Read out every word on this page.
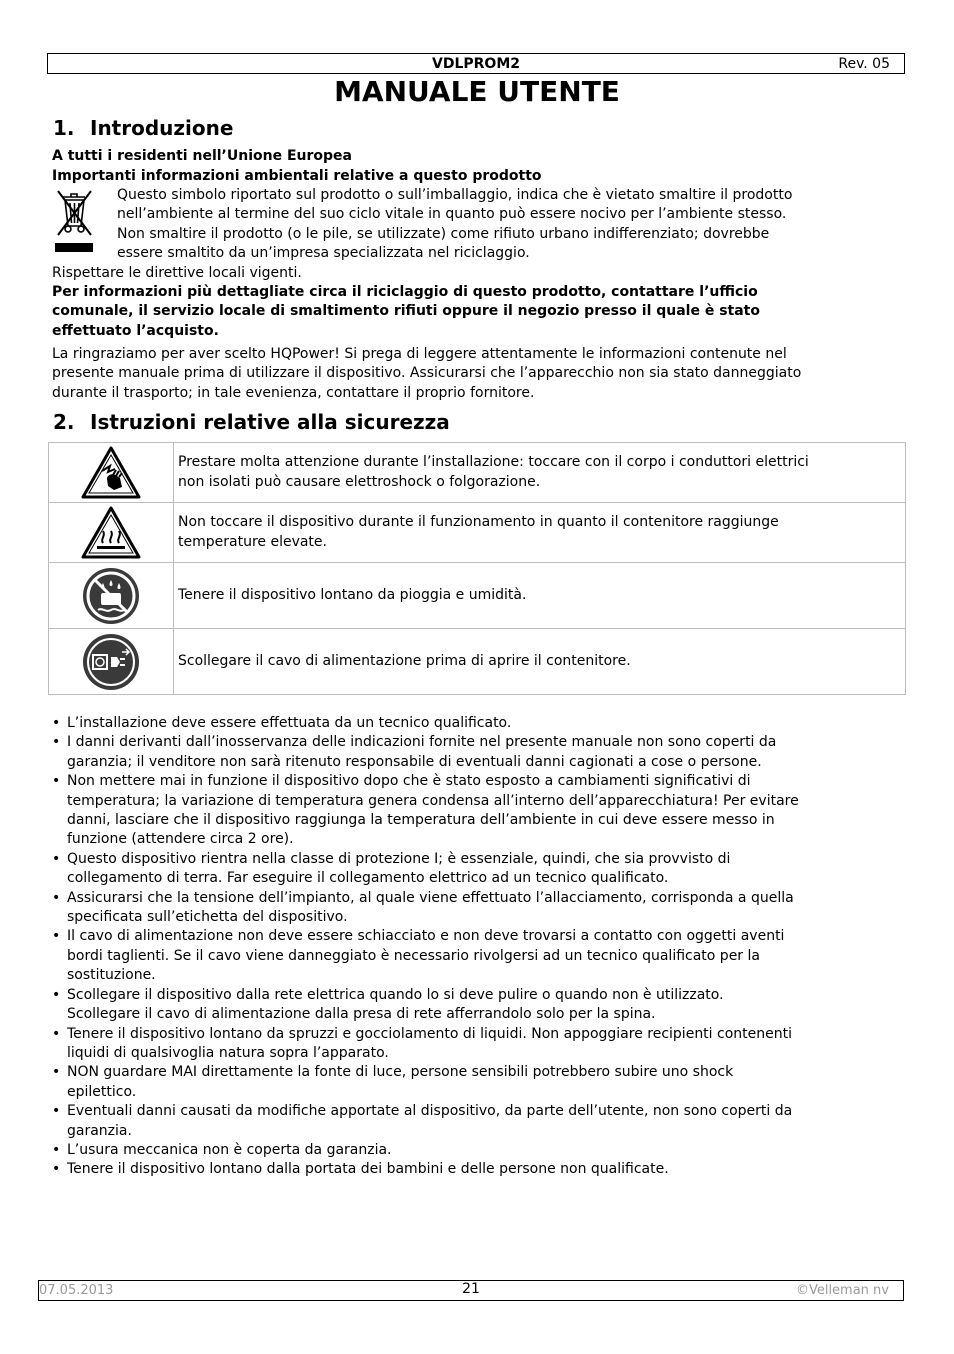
VDLPROM2	Rev. 05
MANUALE UTENTE
1. Introduzione

A tutti i residenti nell’Unione Europea

Importanti informazioni ambientali relative a questo prodotto

Questo simbolo riportato sul prodotto o sull’imballaggio, indica che è vietato smaltire il prodotto
nell’ambiente al termine del suo ciclo vitale in quanto può essere nocivo per l’ambiente stesso.
Non smaltire il prodotto (o le pile, se utilizzate) come rifiuto urbano indifferenziato; dovrebbe
essere smaltito da un’impresa specializzata nel riciclaggio.

Rispettare le direttive locali vigenti.

Per informazioni più dettagliate circa il riciclaggio di questo prodotto, contattare l’ufficio
comunale, il servizio locale di smaltimento rifiuti oppure il negozio presso il quale è stato
effettuato l’acquisto.
La ringraziamo per aver scelto HQPower! Si prega di leggere attentamente le informazioni contenute nel
presente manuale prima di utilizzare il dispositivo. Assicurarsi che l’apparecchio non sia stato danneggiato
durante il trasporto; in tale evenienza, contattare il proprio fornitore.
2. Istruzioni relative alla sicurezza

Prestare molta attenzione durante l’installazione: toccare con il corpo i conduttori elettrici
non isolati può causare elettroshock o folgorazione.

Non toccare il dispositivo durante il funzionamento in quanto il contenitore raggiunge
temperature elevate.

Tenere il dispositivo lontano da pioggia e umidità.

Scollegare il cavo di alimentazione prima di aprire il contenitore.
• L’installazione deve essere effettuata da un tecnico qualificato.
• I danni derivanti dall’inosservanza delle indicazioni fornite nel presente manuale non sono coperti da
garanzia; il venditore non sarà ritenuto responsabile di eventuali danni cagionati a cose o persone.
• Non mettere mai in funzione il dispositivo dopo che è stato esposto a cambiamenti significativi di
temperatura; la variazione di temperatura genera condensa all’interno dell’apparecchiatura! Per evitare
danni, lasciare che il dispositivo raggiunga la temperatura dell’ambiente in cui deve essere messo in
funzione (attendere circa 2 ore).
• Questo dispositivo rientra nella classe di protezione I; è essenziale, quindi, che sia provvisto di
collegamento di terra. Far eseguire il collegamento elettrico ad un tecnico qualificato.
• Assicurarsi che la tensione dell’impianto, al quale viene effettuato l’allacciamento, corrisponda a quella
specificata sull’etichetta del dispositivo.
• Il cavo di alimentazione non deve essere schiacciato e non deve trovarsi a contatto con oggetti aventi
bordi taglienti. Se il cavo viene danneggiato è necessario rivolgersi ad un tecnico qualificato per la
sostituzione.
• Scollegare il dispositivo dalla rete elettrica quando lo si deve pulire o quando non è utilizzato.
Scollegare il cavo di alimentazione dalla presa di rete afferrandolo solo per la spina.
• Tenere il dispositivo lontano da spruzzi e gocciolamento di liquidi. Non appoggiare recipienti contenenti
liquidi di qualsivoglia natura sopra l’apparato.
• NON guardare MAI direttamente la fonte di luce, persone sensibili potrebbero subire uno shock
epilettico.
• Eventuali danni causati da modifiche apportate al dispositivo, da parte dell’utente, non sono coperti da
garanzia.
• L’usura meccanica non è coperta da garanzia.
• Tenere il dispositivo lontano dalla portata dei bambini e delle persone non qualificate.
07.05.2013	21	©Velleman nv
